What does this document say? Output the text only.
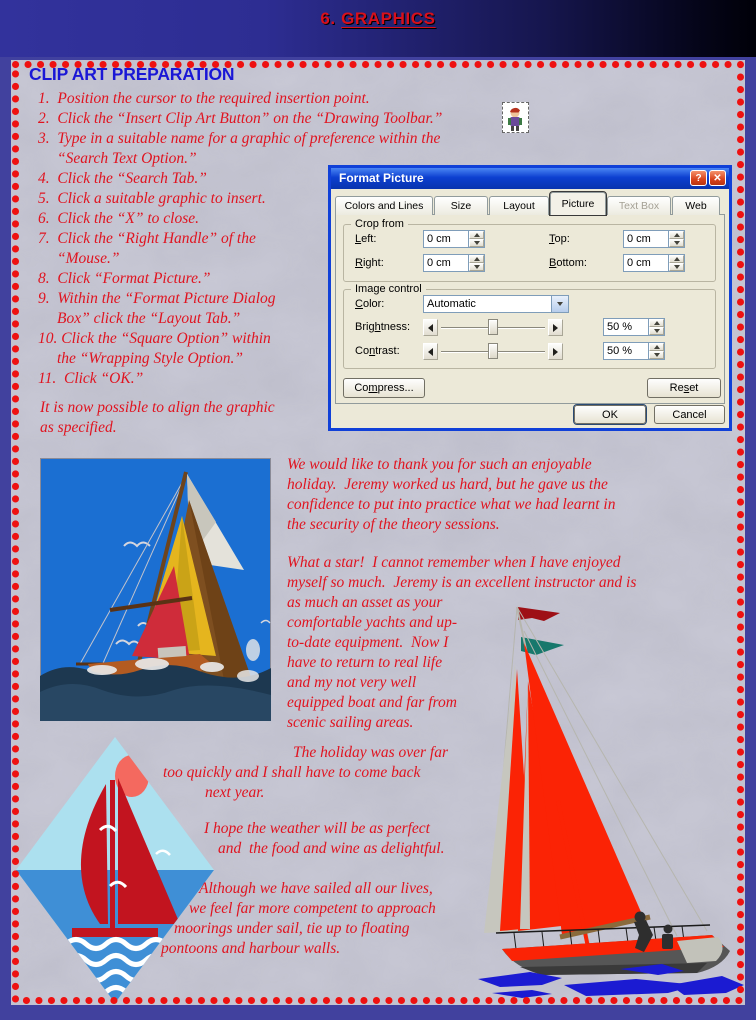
6. GRAPHICS
CLIP ART PREPARATION
1.  Position the cursor to the required insertion point.
2.  Click the “Insert Clip Art Button” on the “Drawing Toolbar.”
3.  Type in a suitable name for a graphic of preference within the
“Search Text Option.”
4.  Click the “Search Tab.”
5.  Click a suitable graphic to insert.
6.  Click the “X” to close.
7.  Click the “Right Handle” of the
“Mouse.”
8.  Click “Format Picture.”
9.  Within the “Format Picture Dialog
Box” click the “Layout Tab.”
10. Click the “Square Option” within
the “Wrapping Style Option.”
11.  Click “OK.”
It is now possible to align the graphic
as specified.
Format Picture	? ✕
Colors and Lines	Size	Layout	Picture	Text Box	Web
Crop from
Left:	0 cm	Top:	0 cm
Right:	0 cm	Bottom:	0 cm
Image control
Color:	Automatic
Brightness:	50 %
Contrast:	50 %
Compress...	Reset
OK	Cancel
We would like to thank you for such an enjoyable
holiday.  Jeremy worked us hard, but he gave us the
confidence to put into practice what we had learnt in
the security of the theory sessions.
What a star!  I cannot remember when I have enjoyed
myself so much.  Jeremy is an excellent instructor and is
as much an asset as your
comfortable yachts and up-
to-date equipment.  Now I
have to return to real life
and my not very well
equipped boat and far from
scenic sailing areas.
The holiday was over far
too quickly and I shall have to come back
next year.
I hope the weather will be as perfect
and  the food and wine as delightful.
Although we have sailed all our lives,
we feel far more competent to approach
moorings under sail, tie up to floating
pontoons and harbour walls.
